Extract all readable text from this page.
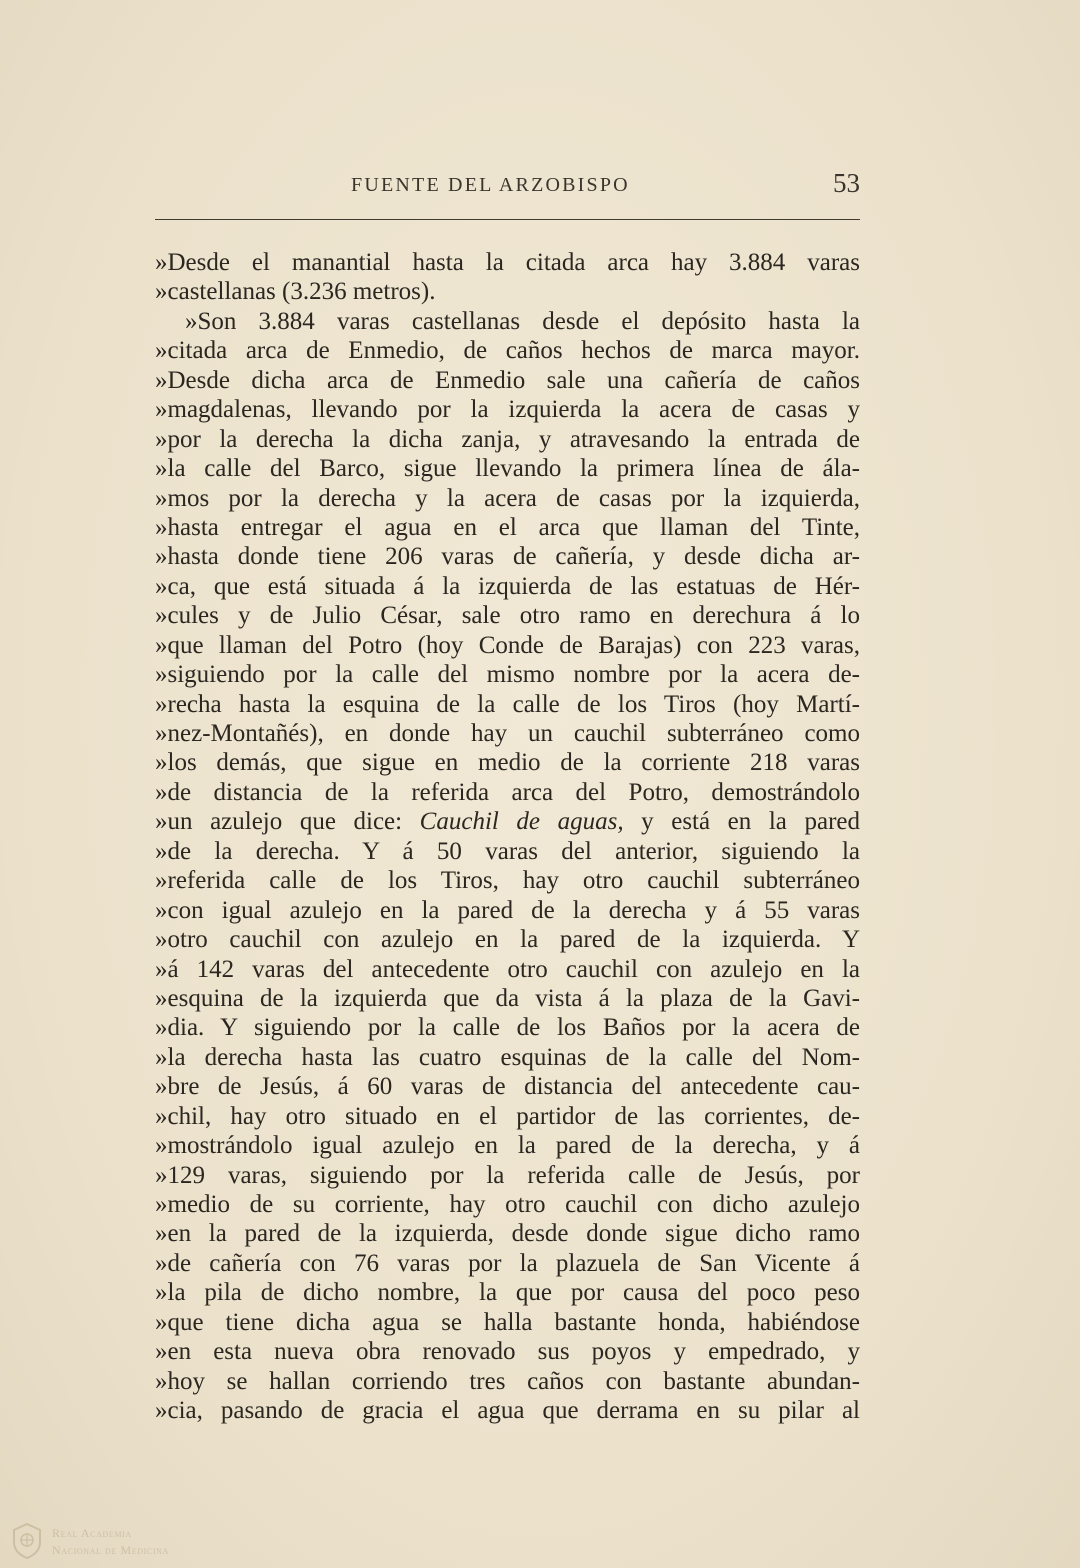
FUENTE DEL ARZOBISPO	53
»Desde el manantial hasta la citada arca hay 3.884 varas
»castellanas (3.236 metros).
»Son 3.884 varas castellanas desde el depósito hasta la
»citada arca de Enmedio, de caños hechos de marca mayor.
»Desde dicha arca de Enmedio sale una cañería de caños
»magdalenas, llevando por la izquierda la acera de casas y
»por la derecha la dicha zanja, y atravesando la entrada de
»la calle del Barco, sigue llevando la primera línea de ála-
»mos por la derecha y la acera de casas por la izquierda,
»hasta entregar el agua en el arca que llaman del Tinte,
»hasta donde tiene 206 varas de cañería, y desde dicha ar-
»ca, que está situada á la izquierda de las estatuas de Hér-
»cules y de Julio César, sale otro ramo en derechura á lo
»que llaman del Potro (hoy Conde de Barajas) con 223 varas,
»siguiendo por la calle del mismo nombre por la acera de-
»recha hasta la esquina de la calle de los Tiros (hoy Martí-
»nez-Montañés), en donde hay un cauchil subterráneo como
»los demás, que sigue en medio de la corriente 218 varas
»de distancia de la referida arca del Potro, demostrándolo
»un azulejo que dice: Cauchil de aguas, y está en la pared
»de la derecha. Y á 50 varas del anterior, siguiendo la
»referida calle de los Tiros, hay otro cauchil subterráneo
»con igual azulejo en la pared de la derecha y á 55 varas
»otro cauchil con azulejo en la pared de la izquierda. Y
»á 142 varas del antecedente otro cauchil con azulejo en la
»esquina de la izquierda que da vista á la plaza de la Gavi-
»dia. Y siguiendo por la calle de los Baños por la acera de
»la derecha hasta las cuatro esquinas de la calle del Nom-
»bre de Jesús, á 60 varas de distancia del antecedente cau-
»chil, hay otro situado en el partidor de las corrientes, de-
»mostrándolo igual azulejo en la pared de la derecha, y á
»129 varas, siguiendo por la referida calle de Jesús, por
»medio de su corriente, hay otro cauchil con dicho azulejo
»en la pared de la izquierda, desde donde sigue dicho ramo
»de cañería con 76 varas por la plazuela de San Vicente á
»la pila de dicho nombre, la que por causa del poco peso
»que tiene dicha agua se halla bastante honda, habiéndose
»en esta nueva obra renovado sus poyos y empedrado, y
»hoy se hallan corriendo tres caños con bastante abundan-
»cia, pasando de gracia el agua que derrama en su pilar al
Real Academia
Nacional de Medicina
